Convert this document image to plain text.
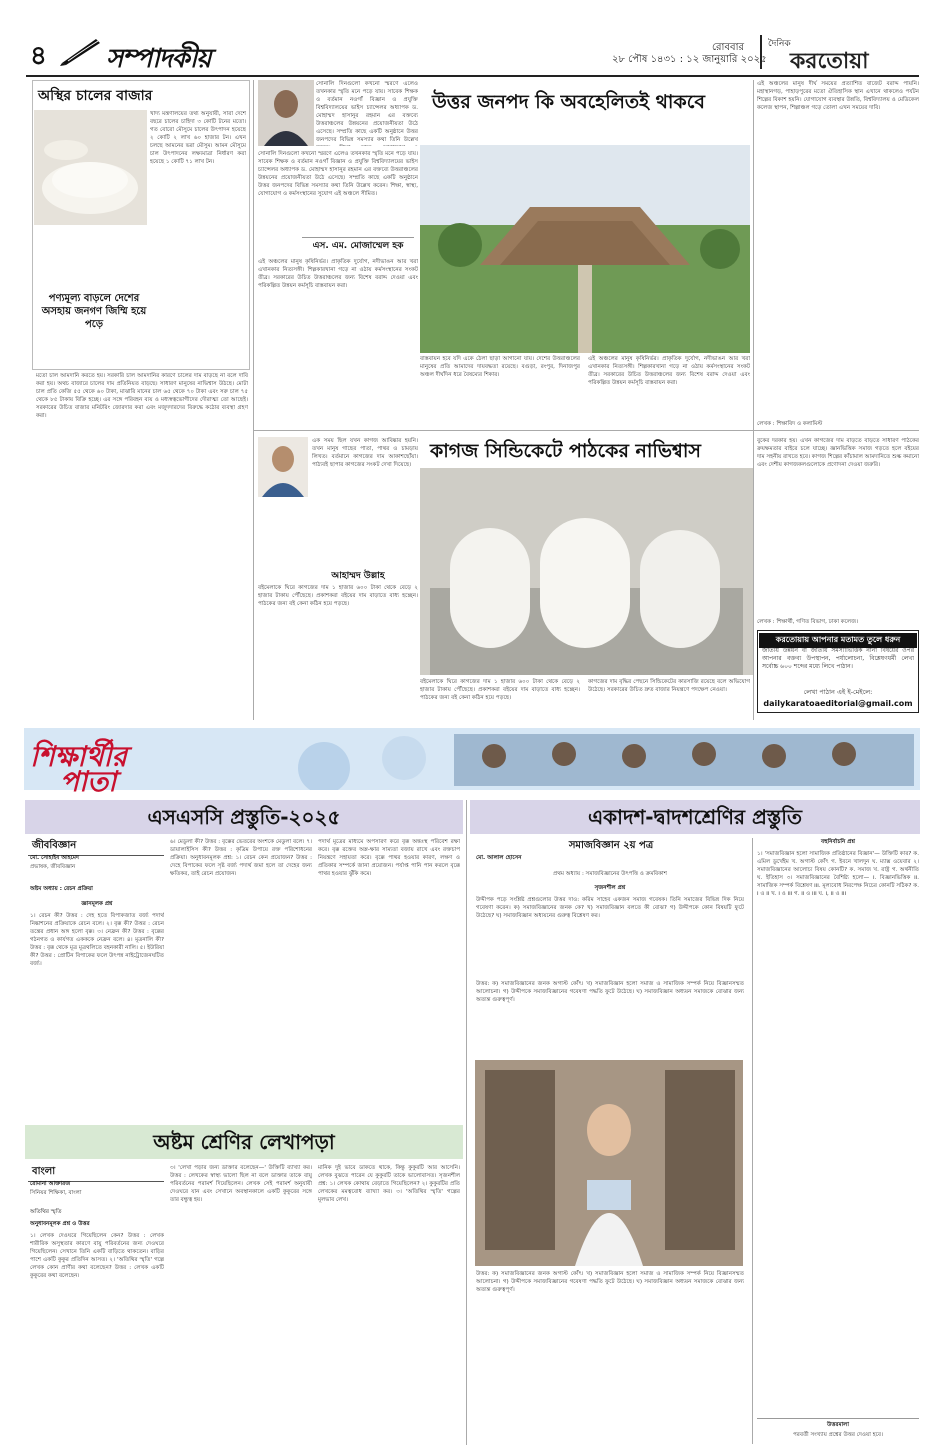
৪	সম্পাদকীয়	রোববার
২৮ পৌষ ১৪৩১ : ১২ জানুয়ারি ২০২৫
দৈনিক
করতোয়া
অস্থির চালের বাজার
খাদ্য মন্ত্রণালয়ের তথ্য অনুযায়ী, সারা দেশে বছরে চালের চাহিদা ৩ কোটি টনের মতো। গত বোরো মৌসুমে চালের উৎপাদন হয়েছে ২ কোটি ২ লাখ ৬০ হাজার টন। এখন চলছে আমনের ভরা মৌসুম। আমন মৌসুমে চাল উৎপাদনের লক্ষ্যমাত্রা নির্ধারণ করা হয়েছে ১ কোটি ৭১ লাখ টন।
পণ্যমূল্য বাড়লে দেশের অসহায় জনগণ জিম্মি হয়ে পড়ে
মতো চাল আমদানি করতে হয়। সরকারি চাল আমদানির কারণে চালের দাম বাড়ছে না বলে দাবি করা হয়। অথচ বাজারে চালের দাম প্রতিনিয়ত বাড়ছে। সাধারণ মানুষের নাভিশ্বাস উঠছে। মোটা চাল প্রতি কেজি ৫৫ থেকে ৬০ টাকা, মাঝারি মানের চাল ৬৫ থেকে ৭০ টাকা এবং সরু চাল ৭৫ থেকে ৮৫ টাকায় বিক্রি হচ্ছে। এর সঙ্গে পরিবহন ব্যয় ও মধ্যস্বত্বভোগীদের দৌরাত্ম্য তো আছেই। সরকারের উচিত বাজার মনিটরিং জোরদার করা এবং মজুদদারদের বিরুদ্ধে কঠোর ব্যবস্থা গ্রহণ করা।
সোনালি দিনগুলো কখনো স্মরণে এলেও তখনকার স্মৃতি মনে পড়ে যায়। সাবেক শিক্ষক ও বর্তমান নওগাঁ বিজ্ঞান ও প্রযুক্তি বিশ্ববিদ্যালয়ের ভাইস চ্যান্সেলর অধ্যাপক ড. মোহাম্মদ হাসানুর রহমান এর বক্তব্যে উত্তরাঞ্চলের উন্নয়নের প্রয়োজনীয়তা উঠে এসেছে। সম্প্রতি কাছে একটি অনুষ্ঠানে উত্তর জনপদের বিভিন্ন সমস্যার কথা তিনি উল্লেখ
সোনালি দিনগুলো কখনো স্মরণে এলেও তখনকার স্মৃতি মনে পড়ে যায়। সাবেক শিক্ষক ও বর্তমান নওগাঁ বিজ্ঞান ও প্রযুক্তি বিশ্ববিদ্যালয়ের ভাইস চ্যান্সেলর অধ্যাপক ড. মোহাম্মদ হাসানুর রহমান এর বক্তব্যে উত্তরাঞ্চলের উন্নয়নের প্রয়োজনীয়তা উঠে এসেছে। সম্প্রতি কাছে একটি অনুষ্ঠানে উত্তর জনপদের বিভিন্ন সমস্যার কথা তিনি উল্লেখ করেন। শিক্ষা, স্বাস্থ্য, যোগাযোগ ও কর্মসংস্থানের সুযোগ এই অঞ্চলে সীমিত।
এস. এম. মোজাম্মেল হক
এই অঞ্চলের মানুষ কৃষিনির্ভর। প্রাকৃতিক দুর্যোগ, নদীভাঙন আর খরা এখানকার নিত্যসঙ্গী। শিল্পকারখানা গড়ে না ওঠায় কর্মসংস্থানের সংকট তীব্র। সরকারের উচিত উত্তরাঞ্চলের জন্য বিশেষ বরাদ্দ দেওয়া এবং পরিকল্পিত উন্নয়ন কর্মসূচি বাস্তবায়ন করা।
উত্তর জনপদ কি অবহেলিতই থাকবে
বাস্তবায়ন হবে যদি একে ঠেলা ছাড়া আগানো যায়। দেশের উত্তরাঞ্চলের মানুষের প্রতি আমাদের দায়বদ্ধতা রয়েছে। বগুড়া, রংপুর, দিনাজপুর অঞ্চল দীর্ঘদিন ধরে বৈষম্যের শিকার।
এই অঞ্চলের মানুষ কৃষিনির্ভর। প্রাকৃতিক দুর্যোগ, নদীভাঙন আর খরা এখানকার নিত্যসঙ্গী। শিল্পকারখানা গড়ে না ওঠায় কর্মসংস্থানের সংকট তীব্র। সরকারের উচিত উত্তরাঞ্চলের জন্য বিশেষ বরাদ্দ দেওয়া এবং পরিকল্পিত উন্নয়ন কর্মসূচি বাস্তবায়ন করা।
এই অঞ্চলের মানুষ দীর্ঘ সময়ের প্রত্যাশিত বাজেট বরাদ্দ পায়নি। মহাস্থানগড়, পাহাড়পুরের মতো ঐতিহাসিক স্থান এখানে থাকলেও পর্যটন শিল্পের বিকাশ হয়নি। যোগাযোগ ব্যবস্থার উন্নতি, বিশ্ববিদ্যালয় ও মেডিকেল কলেজ স্থাপন, শিল্পাঞ্চল গড়ে তোলা এখন সময়ের দাবি।
লেখক : শিক্ষাবিদ ও কলামিস্ট
এক সময় ছিল যখন কাগজ আবিষ্কার হয়নি। তখন মানুষ গাছের পাতা, পাথর ও চামড়ায় লিখত। বর্তমানে কাগজের দাম আকাশছোঁয়া। পাঠ্যবই ছাপার কাগজের সংকট দেখা দিয়েছে।
আহাম্মদ উল্লাহ
বইমেলাকে ঘিরে কাগজের দাম ১ হাজার ৬০০ টাকা থেকে বেড়ে ২ হাজার টাকায় পৌঁছেছে। প্রকাশকরা বইয়ের দাম বাড়াতে বাধ্য হচ্ছেন। পাঠকের জন্য বই কেনা কঠিন হয়ে পড়ছে।
কাগজ সিন্ডিকেটে পাঠকের নাভিশ্বাস
বইমেলাকে ঘিরে কাগজের দাম ১ হাজার ৬০০ টাকা থেকে বেড়ে ২ হাজার টাকায় পৌঁছেছে। প্রকাশকরা বইয়ের দাম বাড়াতে বাধ্য হচ্ছেন। পাঠকের জন্য বই কেনা কঠিন হয়ে পড়ছে।
কাগজের দাম বৃদ্ধির পেছনে সিন্ডিকেটের কারসাজি রয়েছে বলে অভিযোগ উঠেছে। সরকারের উচিত দ্রুত বাজার নিয়ন্ত্রণে পদক্ষেপ নেওয়া।
বুকের দরকার হয়। এখন কাগজের দাম বাড়তে বাড়তে সাধারণ পাঠকের ক্রয়ক্ষমতার বাইরে চলে যাচ্ছে। জ্ঞানভিত্তিক সমাজ গড়তে হলে বইয়ের দাম সহনীয় রাখতে হবে। কাগজ শিল্পের কাঁচামাল আমদানিতে শুল্ক কমানো এবং দেশীয় কাগজকলগুলোকে প্রণোদনা দেওয়া জরুরি।
লেখক : শিক্ষার্থী, গণিত বিভাগ, ঢাকা কলেজ।
করতোয়ায় আপনার মতামত তুলে ধরুন
জাতীয় উন্নয়ন বা জাতীয় সমস্যাভিত্তিক নানা বিষয়ের ওপর আপনার বক্তব্য উপস্থাপন, পর্যালোচনা, বিশ্লেষণধর্মী লেখা সর্বোচ্চ ৬০০ শব্দের মধ্যে লিখে পাঠান।
লেখা পাঠান এই ই-মেইলে:
dailykaratoaeditorial@gmail.com
শিক্ষার্থীর
পাতা
এসএসসি প্রস্তুতি-২০২৫
জীববিজ্ঞান
মো. সোহাইব আহমেদ
প্রভাষক, জীববিজ্ঞান
অষ্টম অধ্যায় : রেচন প্রক্রিয়া
জ্ঞানমূলক প্রশ্ন
১। রেচন কী? উত্তর : দেহ হতে বিপাকজাত বর্জ্য পদার্থ নিষ্কাশনের প্রক্রিয়াকে রেচন বলে। ২। বৃক্ক কী? উত্তর : রেচন তন্ত্রের প্রধান অঙ্গ হলো বৃক্ক। ৩। নেফ্রন কী? উত্তর : বৃক্কের গঠনগত ও কার্যগত একককে নেফ্রন বলে। ৪। মূত্রনালি কী? উত্তর : বৃক্ক থেকে মূত্র মূত্রথলিতে বহনকারী নালি। ৫। ইউরিয়া কী? উত্তর : প্রোটিন বিপাকের ফলে উৎপন্ন নাইট্রোজেনঘটিত বর্জ্য।
৬। মেডুলা কী? উত্তর : বৃক্কের ভেতরের অংশকে মেডুলা বলে। ৭। ডায়ালাইসিস কী? উত্তর : কৃত্রিম উপায়ে রক্ত পরিশোধনের প্রক্রিয়া। অনুধাবনমূলক প্রশ্ন: ১। রেচন কেন প্রয়োজন? উত্তর : দেহে বিপাকের ফলে সৃষ্ট বর্জ্য পদার্থ জমা হলে তা দেহের জন্য ক্ষতিকর, তাই রেচন প্রয়োজন।
পদার্থ মূত্রের মাধ্যমে অপসারণ করে বৃক্ক অন্তঃস্থ পরিবেশ রক্ষা করে। বৃক্ক রক্তের অম্ল-ক্ষার সাম্যতা বজায় রাখে এবং রক্তচাপ নিয়ন্ত্রণে সহায়তা করে। বৃক্কে পাথর হওয়ার কারণ, লক্ষণ ও প্রতিকার সম্পর্কে জানা প্রয়োজন। পর্যাপ্ত পানি পান করলে বৃক্কে পাথর হওয়ার ঝুঁকি কমে।
একাদশ-দ্বাদশশ্রেণির প্রস্তুতি
সমাজবিজ্ঞান ২য় পত্র
মো. আলাল হোসেন
প্রথম অধ্যায় : সমাজবিজ্ঞানের উৎপত্তি ও ক্রমবিকাশ
সৃজনশীল প্রশ্ন
উদ্দীপক পড়ে সংশ্লিষ্ট প্রশ্নগুলোর উত্তর দাও: করিম সাহেব একজন সমাজ গবেষক। তিনি সমাজের বিভিন্ন দিক নিয়ে গবেষণা করেন। ক) সমাজবিজ্ঞানের জনক কে? খ) সমাজবিজ্ঞান বলতে কী বোঝ? গ) উদ্দীপকে কোন বিষয়টি ফুটে উঠেছে? ঘ) সমাজবিজ্ঞান অধ্যয়নের গুরুত্ব বিশ্লেষণ কর।
উত্তর: ক) সমাজবিজ্ঞানের জনক অগাস্ট কোঁৎ। খ) সমাজবিজ্ঞান হলো সমাজ ও সামাজিক সম্পর্ক নিয়ে বিজ্ঞানসম্মত আলোচনা। গ) উদ্দীপকে সমাজবিজ্ঞানের গবেষণা পদ্ধতি ফুটে উঠেছে। ঘ) সমাজবিজ্ঞান অধ্যয়ন সমাজকে বোঝার জন্য অত্যন্ত গুরুত্বপূর্ণ।
উত্তর: ক) সমাজবিজ্ঞানের জনক অগাস্ট কোঁৎ। খ) সমাজবিজ্ঞান হলো সমাজ ও সামাজিক সম্পর্ক নিয়ে বিজ্ঞানসম্মত আলোচনা। গ) উদ্দীপকে সমাজবিজ্ঞানের গবেষণা পদ্ধতি ফুটে উঠেছে। ঘ) সমাজবিজ্ঞান অধ্যয়ন সমাজকে বোঝার জন্য অত্যন্ত গুরুত্বপূর্ণ।
বহুনির্বাচনি প্রশ্ন
১। 'সমাজবিজ্ঞান হলো সামাজিক প্রতিষ্ঠানের বিজ্ঞান'— উক্তিটি কার? ক. এমিল ডুর্খেইম খ. অগাস্ট কোঁৎ গ. ইবনে খালদুন ঘ. ম্যাক্স ওয়েবার ২। সমাজবিজ্ঞানের আলোচ্য বিষয় কোনটি? ক. সমাজ খ. রাষ্ট্র গ. অর্থনীতি ঘ. ইতিহাস ৩। সমাজবিজ্ঞানের বৈশিষ্ট্য হলো— i. বিজ্ঞানভিত্তিক ii. সামাজিক সম্পর্ক বিশ্লেষণ iii. মূল্যবোধ নিরপেক্ষ নিচের কোনটি সঠিক? ক. i ও ii খ. i ও iii গ. ii ও iii ঘ. i, ii ও iii
উত্তরমালা
পরবর্তী সংখ্যায় প্রশ্নের উত্তর দেওয়া হবে।
অষ্টম শ্রেণির লেখাপড়া
বাংলা
রোমানা আক্তারজ
সিনিয়র শিক্ষিকা, বাংলা
অতিথির স্মৃতি
অনুধাবনমূলক প্রশ্ন ও উত্তর
১। লেখক দেওঘরে গিয়েছিলেন কেন? উত্তর : লেখক শারীরিক অসুস্থতার কারণে বায়ু পরিবর্তনের জন্য দেওঘরে গিয়েছিলেন। সেখানে তিনি একটি বাড়িতে থাকতেন। বাড়ির পাশে একটি কুকুর প্রতিদিন আসত। ২। 'অতিথির স্মৃতি' গল্পে লেখক কোন প্রাণীর কথা বলেছেন? উত্তর : লেখক একটি কুকুরের কথা বলেছেন।
৩। 'লেখা পড়ার জন্য ডাক্তার বলেছেন—' উক্তিটি ব্যাখ্যা কর। উত্তর : লেখকের স্বাস্থ্য ভালো ছিল না বলে ডাক্তার তাকে বায়ু পরিবর্তনের পরামর্শ দিয়েছিলেন। লেখক সেই পরামর্শ অনুযায়ী দেওঘরে যান এবং সেখানে অবস্থানকালে একটি কুকুরের সঙ্গে তার বন্ধুত্ব হয়।
মানিক দুই ভাবে ডাকতে থাকে, কিন্তু কুকুরটি আর আসেনি। লেখক বুঝতে পারেন যে কুকুরটি তাকে ভালোবাসত। সৃজনশীল প্রশ্ন: ১। লেখক কোথায় বেড়াতে গিয়েছিলেন? ২। কুকুরটির প্রতি লেখকের মমত্ববোধ ব্যাখ্যা কর। ৩। 'অতিথির স্মৃতি' গল্পের মূলভাব লেখ।
